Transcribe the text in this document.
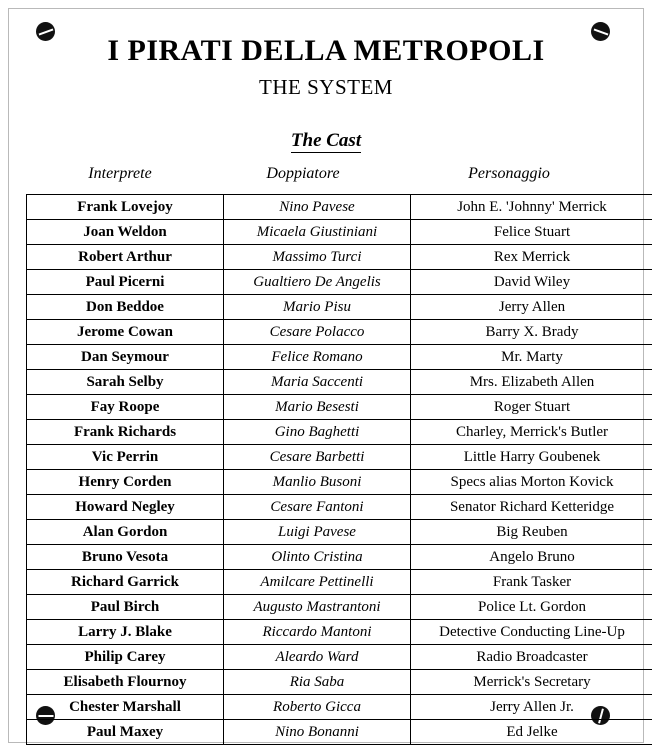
I PIRATI DELLA METROPOLI
THE SYSTEM
The Cast
Interprete	Doppiatore	Personaggio
Frank Lovejoy	Nino Pavese	John E. 'Johnny' Merrick
Joan Weldon	Micaela Giustiniani	Felice Stuart
Robert Arthur	Massimo Turci	Rex Merrick
Paul Picerni	Gualtiero De Angelis	David Wiley
Don Beddoe	Mario Pisu	Jerry Allen
Jerome Cowan	Cesare Polacco	Barry X. Brady
Dan Seymour	Felice Romano	Mr. Marty
Sarah Selby	Maria Saccenti	Mrs. Elizabeth Allen
Fay Roope	Mario Besesti	Roger Stuart
Frank Richards	Gino Baghetti	Charley, Merrick's Butler
Vic Perrin	Cesare Barbetti	Little Harry Goubenek
Henry Corden	Manlio Busoni	Specs alias Morton Kovick
Howard Negley	Cesare Fantoni	Senator Richard Ketteridge
Alan Gordon	Luigi Pavese	Big Reuben
Bruno Vesota	Olinto Cristina	Angelo Bruno
Richard Garrick	Amilcare Pettinelli	Frank Tasker
Paul Birch	Augusto Mastrantoni	Police Lt. Gordon
Larry J. Blake	Riccardo Mantoni	Detective Conducting Line-Up
Philip Carey	Aleardo Ward	Radio Broadcaster
Elisabeth Flournoy	Ria Saba	Merrick's Secretary
Chester Marshall	Roberto Gicca	Jerry Allen Jr.
Paul Maxey	Nino Bonanni	Ed Jelke
